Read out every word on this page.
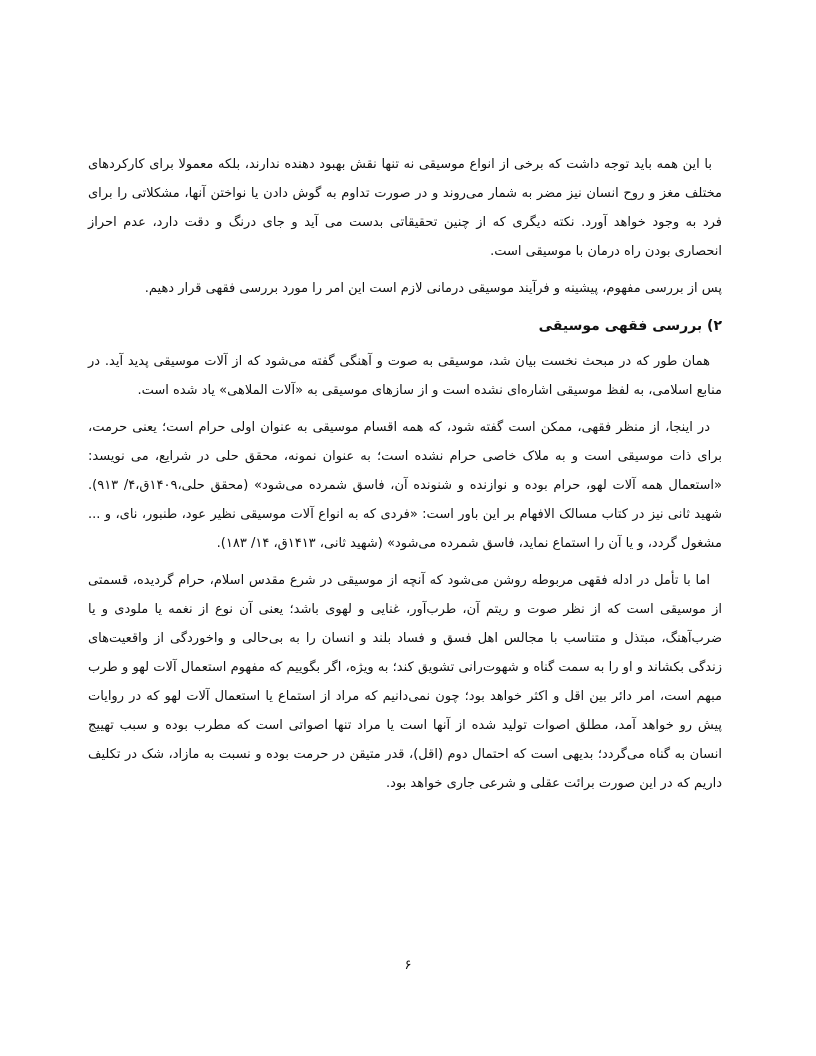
با این همه باید توجه داشت که برخی از انواع موسیقی نه تنها نقش بهبود دهنده ندارند، بلکه معمولا برای کارکردهای مختلف مغز و روح انسان نیز مضر به شمار می‌روند و در صورت تداوم به گوش دادن یا نواختن آنها، مشکلاتی را برای فرد به وجود خواهد آورد. نکته دیگری که از چنین تحقیقاتی بدست می آید و جای درنگ و دقت دارد، عدم احراز انحصاری بودن راه درمان با موسیقی است.

پس از بررسی مفهوم، پیشینه و فرآیند موسیقی درمانی لازم است این امر را مورد بررسی فقهی قرار دهیم.

۲) بررسی فقهی موسیقی

همان طور که در مبحث نخست بیان شد، موسیقی به صوت و آهنگی گفته می‌شود که از آلات موسیقی پدید آید. در منابع اسلامی، به لفظ موسیقی اشاره‌ای نشده است و از سازهای موسیقی به «آلات الملاهی» یاد شده است.

در اینجا، از منظر فقهی، ممکن است گفته شود، که همه اقسام موسیقی به عنوان اولی حرام است؛ یعنی حرمت، برای ذات موسیقی است و به ملاک خاصی حرام نشده است؛ به عنوان نمونه، محقق حلی در شرایع، می نویسد: «استعمال همه آلات لهو، حرام بوده و نوازنده و شنونده آن، فاسق شمرده می‌شود» (محقق حلی،۱۴۰۹ق،۴/ ۹۱۳). شهید ثانی نیز در کتاب مسالک الافهام بر این باور است: «فردی که به انواع آلات موسیقی نظیر عود، طنبور، نای، و ... مشغول گردد، و یا آن را استماع نماید، فاسق شمرده می‌شود» (شهید ثانی، ۱۴۱۳ق، ۱۴/ ۱۸۳).

اما با تأمل در ادله فقهی مربوطه روشن می‌شود که آنچه از موسیقی در شرع مقدس اسلام، حرام گردیده، قسمتی از موسیقی است که از نظر صوت و ریتم آن، طرب‌آور، غنایی و لهوی باشد؛ یعنی آن نوع از نغمه یا ملودی و یا ضرب‌آهنگ، مبتذل و متناسب با مجالس اهل فسق و فساد بلند و انسان را به بی‌حالی و واخوردگی از واقعیت‌های زندگی بکشاند و او را به سمت گناه و شهوت‌رانی تشویق کند؛ به ویژه، اگر بگوییم که مفهوم استعمال آلات لهو و طرب مبهم است، امر دائر بین اقل و اکثر خواهد بود؛ چون نمی‌دانیم که مراد از استماع یا استعمال آلات لهو که در روایات پیش رو خواهد آمد، مطلق اصوات تولید شده از آنها است یا مراد تنها اصواتی است که مطرب بوده و سبب تهییج انسان به گناه می‌گردد؛ بدیهی است که احتمال دوم (اقل)، قدر متیقن در حرمت بوده و نسبت به مازاد، شک در تکلیف داریم که در این صورت برائت عقلی و شرعی جاری خواهد بود.

۶
